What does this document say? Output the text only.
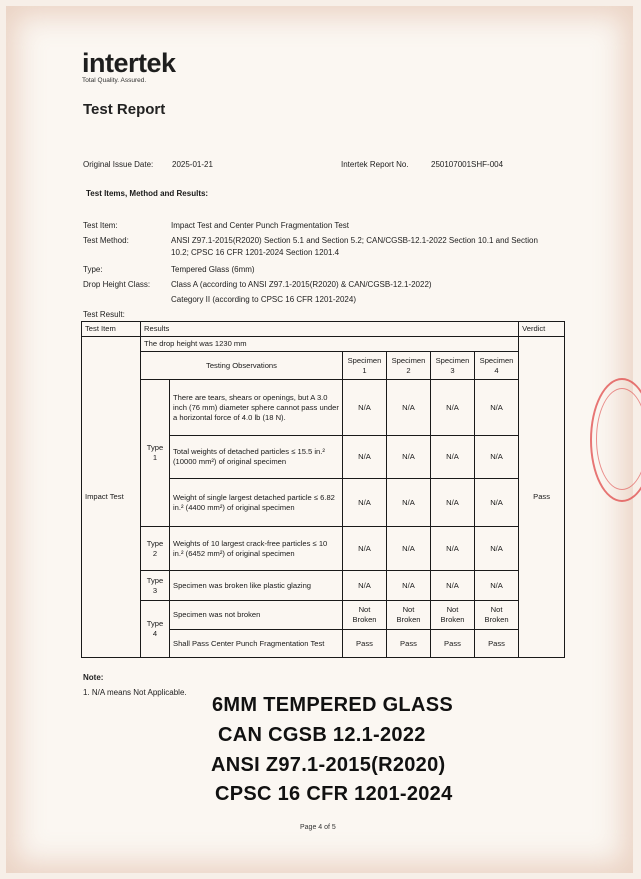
intertek
Total Quality. Assured.
Test Report
Original Issue Date: 2025-01-21	Intertek Report No.	250107001SHF-004
Test Items, Method and Results:
Test Item:	Impact Test and Center Punch Fragmentation Test
Test Method:	ANSI Z97.1-2015(R2020) Section 5.1 and Section 5.2; CAN/CGSB-12.1-2022 Section 10.1 and Section 10.2; CPSC 16 CFR 1201-2024 Section 1201.4
Type:	Tempered Glass (6mm)
Drop Height Class:	Class A (according to ANSI Z97.1-2015(R2020) & CAN/CGSB-12.1-2022)
Category II (according to CPSC 16 CFR 1201-2024)
Test Result:
Test Item	Results						Verdict
Impact Test	The drop height was 1230 mm						Pass
	Testing Observations		Specimen 1	Specimen 2	Specimen 3	Specimen 4	
	Type 1	There are tears, shears or openings, but A 3.0 inch (76 mm) diameter sphere cannot pass under a horizontal force of 4.0 lb (18 N).	N/A	N/A	N/A	N/A	
		Total weights of detached particles ≤ 15.5 in.² (10000 mm²) of original specimen	N/A	N/A	N/A	N/A	
		Weight of single largest detached particle ≤ 6.82 in.² (4400 mm²) of original specimen	N/A	N/A	N/A	N/A	
	Type 2	Weights of 10 largest crack-free particles ≤ 10 in.² (6452 mm²) of original specimen	N/A	N/A	N/A	N/A	
	Type 3	Specimen was broken like plastic glazing	N/A	N/A	N/A	N/A	
	Type 4	Specimen was not broken	Not Broken	Not Broken	Not Broken	Not Broken	
		Shall Pass Center Punch Fragmentation Test	Pass	Pass	Pass	Pass	
Note:
1. N/A means Not Applicable.
6MM TEMPERED GLASS
CAN CGSB 12.1-2022
ANSI Z97.1-2015(R2020)
CPSC 16 CFR 1201-2024
Page 4 of 5
